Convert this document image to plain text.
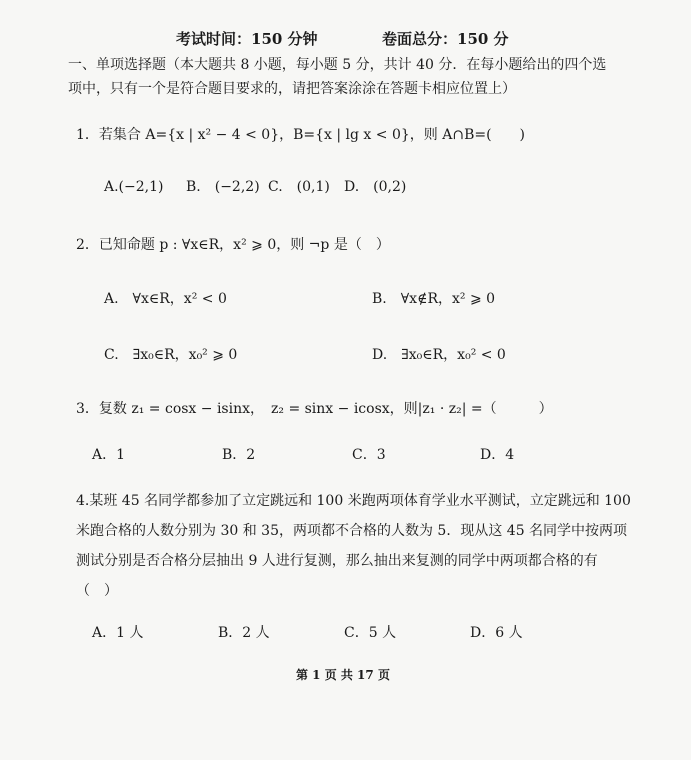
考试时间：150 分钟	卷面总分：150 分
一、单项选择题（本大题共 8 小题，每小题 5 分，共计 40 分．在每小题给出的四个选
项中，只有一个是符合题目要求的，请把答案涂涂在答题卡相应位置上）
1．若集合 A={x | x² − 4 < 0}，B={x | lg x < 0}，则 A∩B=(　　)
A.(−2,1) B.　(−2,2) C.　(0,1) D.　(0,2)
2．已知命题 p : ∀x∈R，x² ⩾ 0，则 ¬p 是（　）
A.　∀x∈R，x² < 0	B.　∀x∉R，x² ⩾ 0
C.　∃x₀∈R，x₀² ⩾ 0	D.　∃x₀∈R，x₀² < 0
3．复数 z₁ = cosx − isinx，　z₂ = sinx − icosx，则|z₁ · z₂| =（　　　）
A．1	B．2	C．3	D．4
4.某班 45 名同学都参加了立定跳远和 100 米跑两项体育学业水平测试，立定跳远和 100
米跑合格的人数分别为 30 和 35，两项都不合格的人数为 5．现从这 45 名同学中按两项
测试分别是否合格分层抽出 9 人进行复测，那么抽出来复测的同学中两项都合格的有
（　）
A．1 人	B．2 人	C．5 人	D．6 人
第 1 页 共 17 页
